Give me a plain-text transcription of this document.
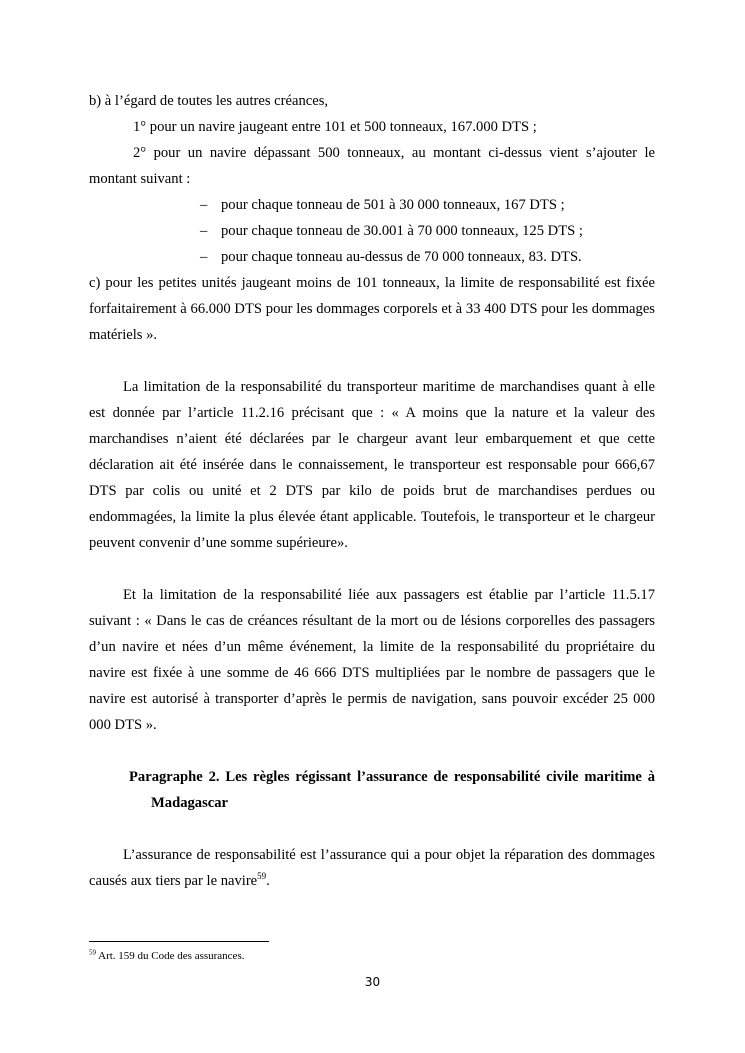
b) à l’égard de toutes les autres créances,
1° pour un navire jaugeant entre 101 et 500 tonneaux, 167.000 DTS ;
2° pour un navire dépassant 500 tonneaux, au montant ci-dessus vient s’ajouter le
montant suivant :
– pour chaque tonneau de 501 à 30 000 tonneaux, 167 DTS ;
– pour chaque tonneau de 30.001 à 70 000 tonneaux, 125 DTS ;
– pour chaque tonneau au-dessus de 70 000 tonneaux, 83. DTS.
c) pour les petites unités jaugeant moins de 101 tonneaux, la limite de responsabilité est fixée
forfaitairement à 66.000 DTS pour les dommages corporels et à 33 400 DTS pour les dommages
matériels ».
La limitation de la responsabilité du transporteur maritime de marchandises quant à elle
est donnée par l’article 11.2.16 précisant que : « A moins que la nature et la valeur des
marchandises n’aient été déclarées par le chargeur avant leur embarquement et que cette
déclaration ait été insérée dans le connaissement, le transporteur est responsable pour 666,67
DTS par colis ou unité et 2 DTS par kilo de poids brut de marchandises perdues ou
endommagées, la limite la plus élevée étant applicable. Toutefois, le transporteur et le chargeur
peuvent convenir d’une somme supérieure».
Et la limitation de la responsabilité liée aux passagers est établie par l’article 11.5.17
suivant : « Dans le cas de créances résultant de la mort ou de lésions corporelles des passagers
d’un navire et nées d’un même événement, la limite de la responsabilité du propriétaire du
navire est fixée à une somme de 46 666 DTS multipliées par le nombre de passagers que le
navire est autorisé à transporter d’après le permis de navigation, sans pouvoir excéder 25 000
000 DTS ».
Paragraphe 2. Les règles régissant l’assurance de responsabilité civile maritime à
Madagascar
L’assurance de responsabilité est l’assurance qui a pour objet la réparation des dommages
causés aux tiers par le navire$^{59}$.
$^{59}$ Art. 159 du Code des assurances.
30
